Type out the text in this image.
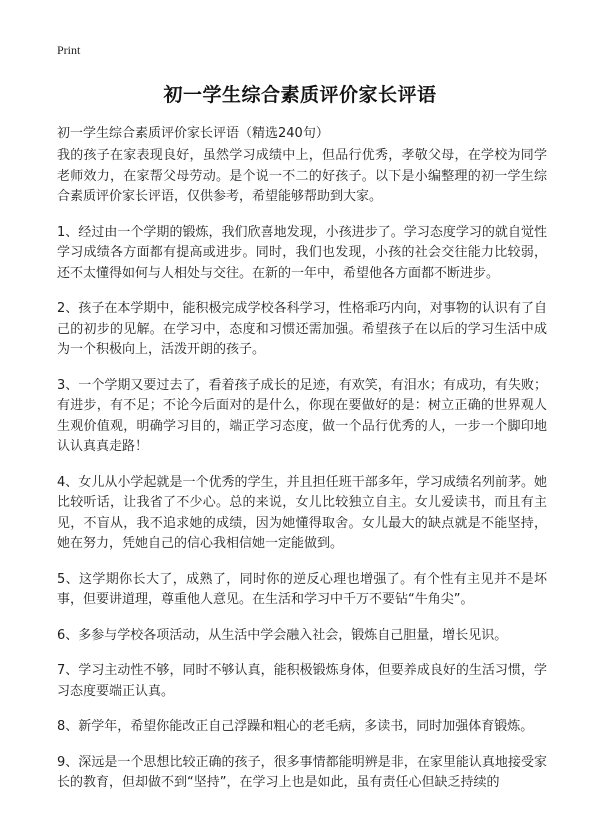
Print
初一学生综合素质评价家长评语
初一学生综合素质评价家长评语（精选240句）

我的孩子在家表现良好，虽然学习成绩中上，但品行优秀，孝敬父母，在学校为同学老师效力，在家帮父母劳动。是个说一不二的好孩子。以下是小编整理的初一学生综合素质评价家长评语，仅供参考，希望能够帮助到大家。

1、经过由一个学期的锻炼，我们欣喜地发现，小孩进步了。学习态度学习的就自觉性学习成绩各方面都有提高或进步。同时，我们也发现，小孩的社会交往能力比较弱，还不太懂得如何与人相处与交往。在新的一年中，希望他各方面都不断进步。

2、孩子在本学期中，能积极完成学校各科学习，性格乖巧内向，对事物的认识有了自己的初步的见解。在学习中，态度和习惯还需加强。希望孩子在以后的学习生活中成为一个积极向上，活泼开朗的孩子。

3、一个学期又要过去了，看着孩子成长的足迹，有欢笑，有泪水；有成功，有失败；有进步，有不足；不论今后面对的是什么，你现在要做好的是：树立正确的世界观人生观价值观，明确学习目的，端正学习态度，做一个品行优秀的人，一步一个脚印地认认真真走路！

4、女儿从小学起就是一个优秀的学生，并且担任班干部多年，学习成绩名列前茅。她比较听话，让我省了不少心。总的来说，女儿比较独立自主。女儿爱读书，而且有主见，不盲从，我不追求她的成绩，因为她懂得取舍。女儿最大的缺点就是不能坚持，她在努力，凭她自己的信心我相信她一定能做到。

5、这学期你长大了，成熟了，同时你的逆反心理也增强了。有个性有主见并不是坏事，但要讲道理，尊重他人意见。在生活和学习中千万不要钻“牛角尖”。

6、多参与学校各项活动，从生活中学会融入社会，锻炼自己胆量，增长见识。

7、学习主动性不够，同时不够认真，能积极锻炼身体，但要养成良好的生活习惯，学习态度要端正认真。

8、新学年，希望你能改正自己浮躁和粗心的老毛病，多读书，同时加强体育锻炼。

9、深远是一个思想比较正确的孩子，很多事情都能明辨是非，在家里能认真地接受家长的教育，但却做不到“坚持”，在学习上也是如此，虽有责任心但缺乏持续的
